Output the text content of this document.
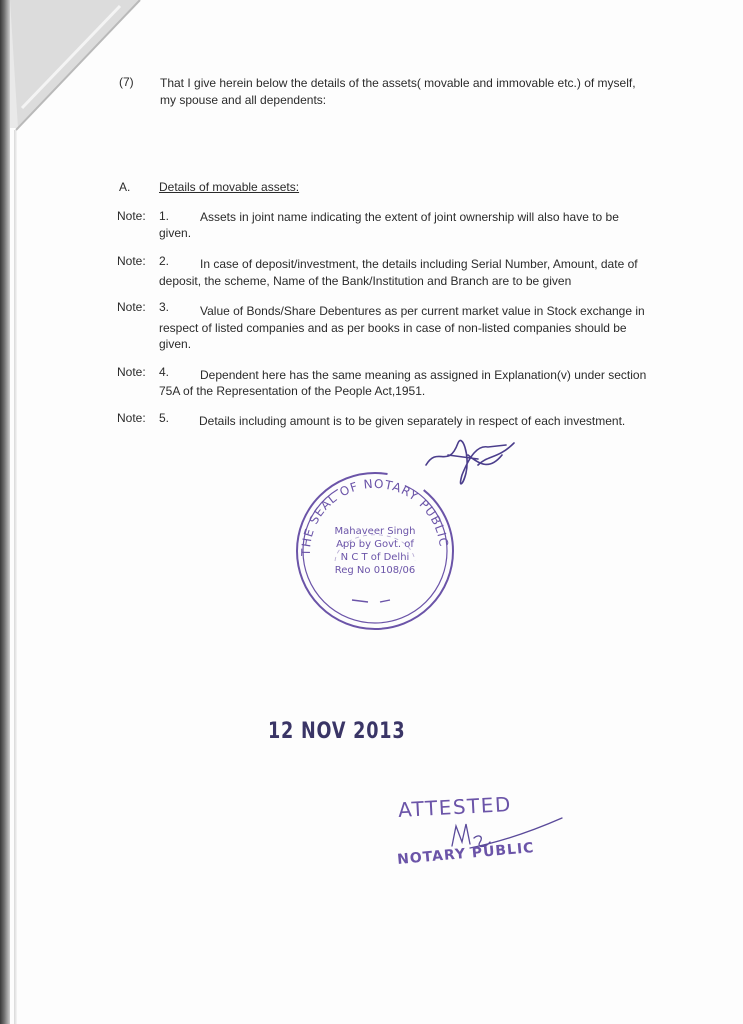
(7) That I give herein below the details of the assets( movable and immovable etc.) of myself,
my spouse and all dependents:
A. Details of movable assets:
Note: 1.	Assets in joint name indicating the extent of joint ownership will also have to be
given.
Note: 2.	In case of deposit/investment, the details including Serial Number, Amount, date of
deposit, the scheme, Name of the Bank/Institution and Branch are to be given
Note: 3.	Value of Bonds/Share Debentures as per current market value in Stock exchange in
respect of listed companies and as per books in case of non-listed companies should be
given.
Note: 4.	Dependent here has the same meaning as assigned in Explanation(v) under section
75A of the Representation of the People Act,1951.
Note: 5. Details including amount is to be given separately in respect of each investment.
THE SEAL OF NOTARY PUBLIC
Mahaveer Singh
App by Govt. of
N C T of Delhi
Reg No 0108/06
12 NOV 2013
ATTESTED
NOTARY PUBLIC
